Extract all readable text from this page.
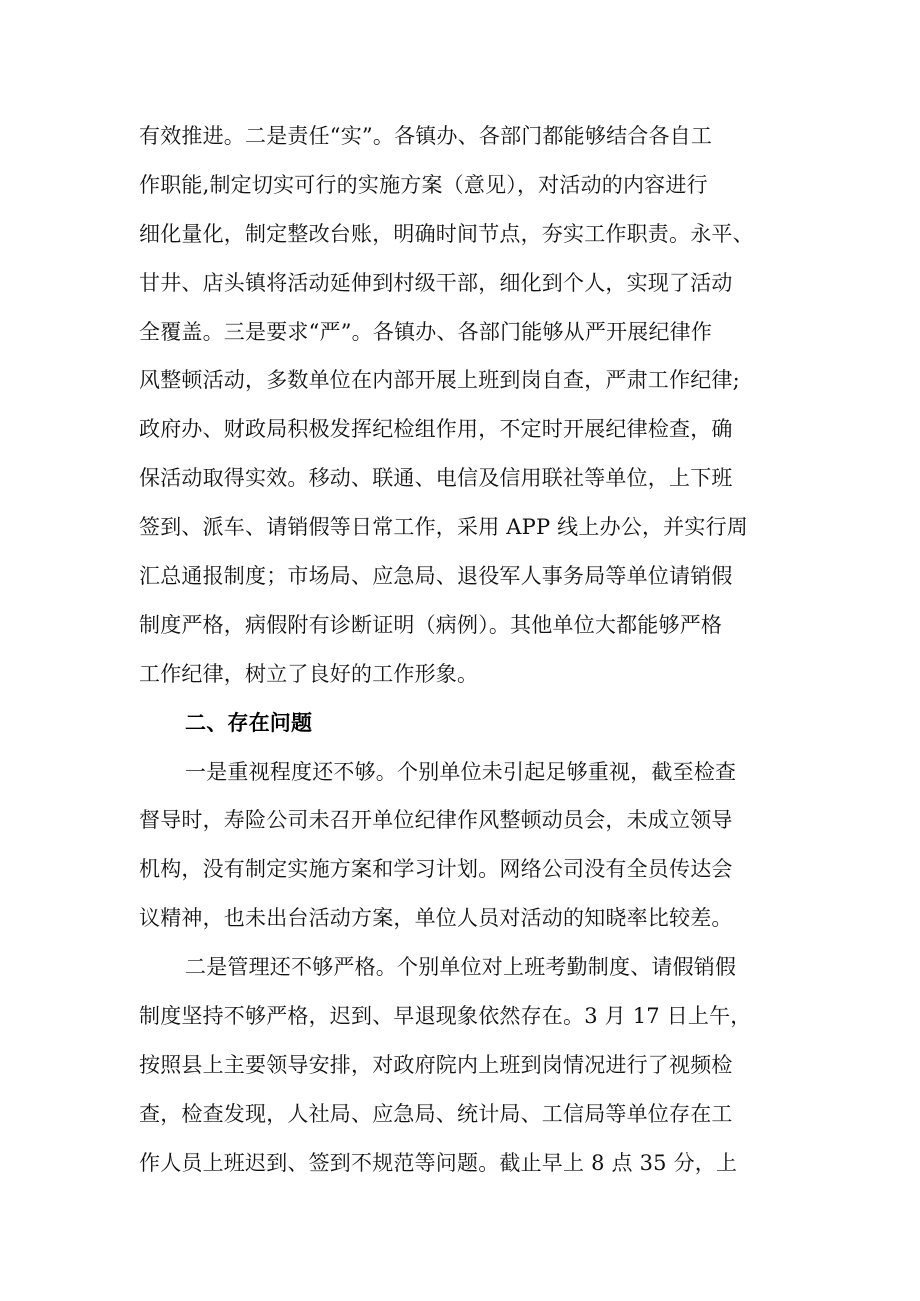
有效推进。二是责任“实”。各镇办、各部门都能够结合各自工
作职能,制定切实可行的实施方案（意见），对活动的内容进行
细化量化，制定整改台账，明确时间节点，夯实工作职责。永平、
甘井、店头镇将活动延伸到村级干部，细化到个人，实现了活动
全覆盖。三是要求“严”。各镇办、各部门能够从严开展纪律作
风整顿活动，多数单位在内部开展上班到岗自查，严肃工作纪律;
政府办、财政局积极发挥纪检组作用，不定时开展纪律检查，确
保活动取得实效。移动、联通、电信及信用联社等单位，上下班
签到、派车、请销假等日常工作，采用 APP 线上办公，并实行周
汇总通报制度；市场局、应急局、退役军人事务局等单位请销假
制度严格，病假附有诊断证明（病例）。其他单位大都能够严格
工作纪律，树立了良好的工作形象。
二、存在问题
一是重视程度还不够。个别单位未引起足够重视，截至检查
督导时，寿险公司未召开单位纪律作风整顿动员会，未成立领导
机构，没有制定实施方案和学习计划。网络公司没有全员传达会
议精神，也未出台活动方案，单位人员对活动的知晓率比较差。
二是管理还不够严格。个别单位对上班考勤制度、请假销假
制度坚持不够严格，迟到、早退现象依然存在。3 月 17 日上午，
按照县上主要领导安排，对政府院内上班到岗情况进行了视频检
查，检查发现，人社局、应急局、统计局、工信局等单位存在工
作人员上班迟到、签到不规范等问题。截止早上 8 点 35 分，上
